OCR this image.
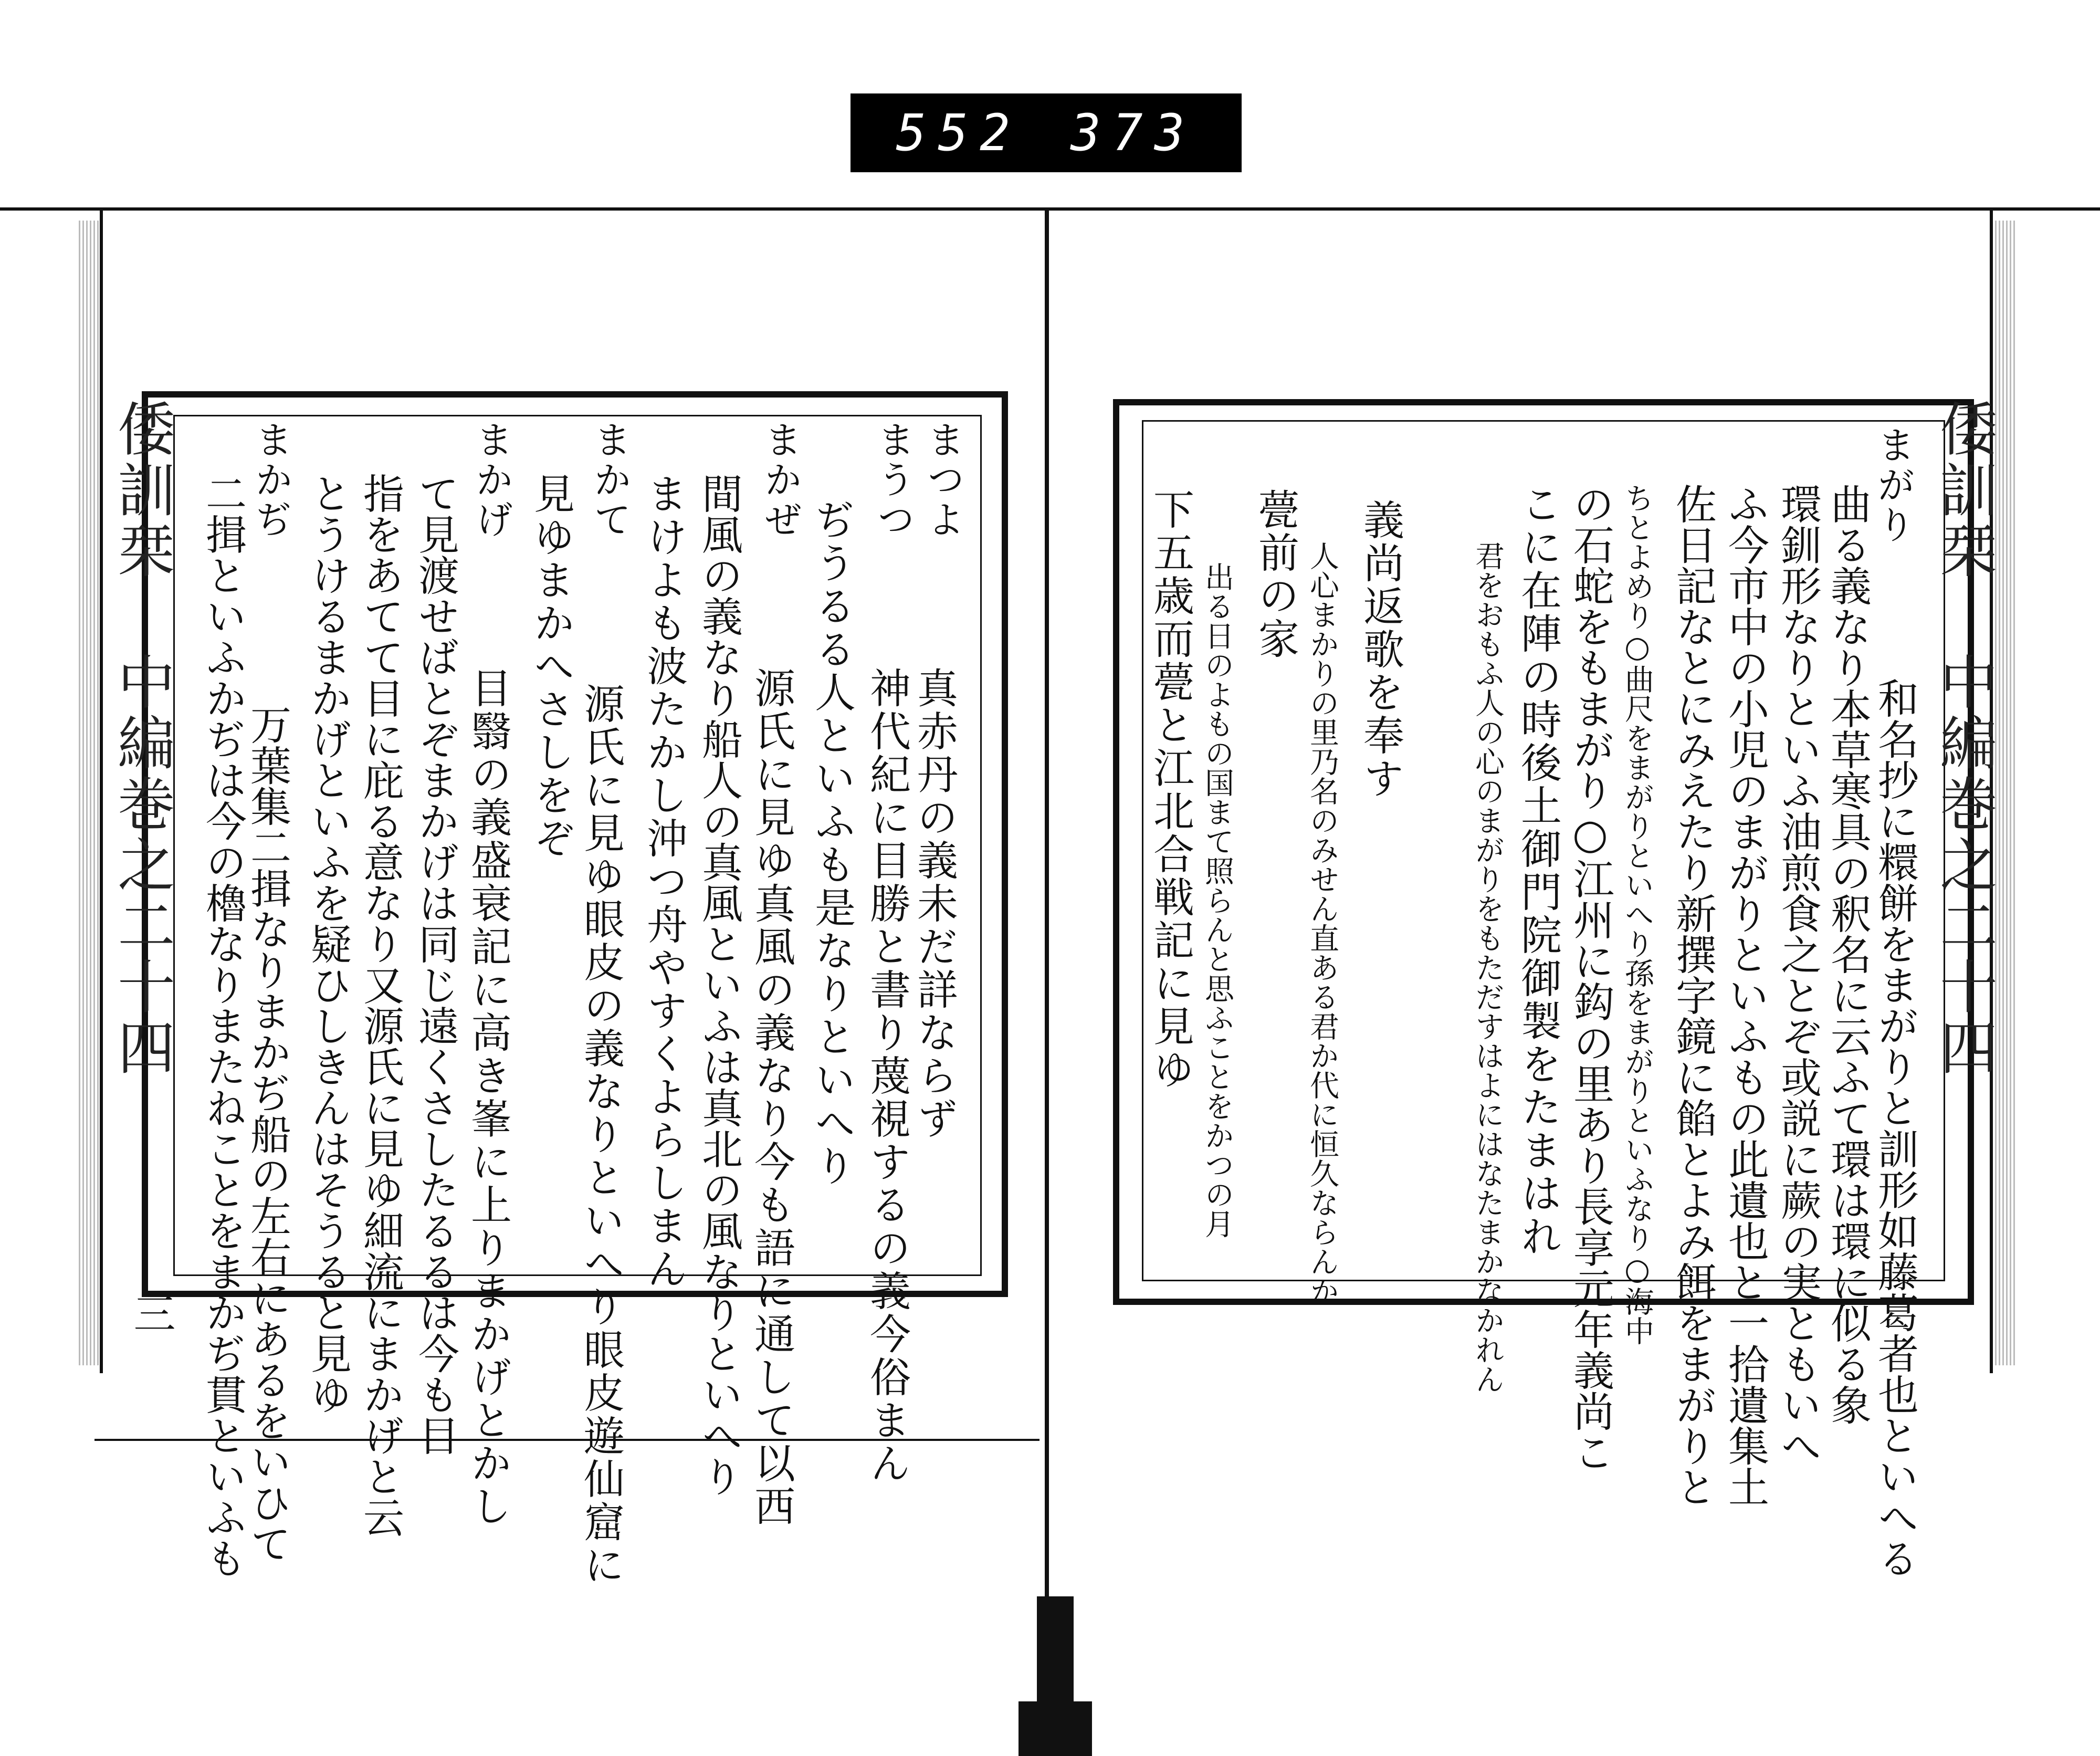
552 373
倭訓栞 中編巻之二十四
三
まつよ
真赤丹の義未だ詳ならず
まうつ
神代紀に目勝と書り蔑視するの義今俗まん
ぢうるる人といふも是なりといへり
まかぜ
源氏に見ゆ真風の義なり今も語に通して以西
間風の義なり船人の真風といふは真北の風なりといへり
まけよも波たかし沖つ舟やすくよらしまん
まかて
源氏に見ゆ眼皮の義なりといへり眼皮遊仙窟に
見ゆまかへさしをぞ
まかげ
目翳の義盛衰記に高き峯に上りまかげとかし
て見渡せばとぞまかげは同じ遠くさしたるるは今も目
指をあてて目に庇る意なり又源氏に見ゆ細流にまかげと云
とうけるまかげといふを疑ひしきんはそうると見ゆ
まかぢ
万葉集二揖なりまかぢ船の左右にあるをいひて
二揖といふかぢは今の櫓なりまたねことをまかぢ貫といふも	倭訓栞 中編巻之二十四
まがり
和名抄に糫餅をまがりと訓形如藤葛者也といへる
曲る義なり本草寒具の釈名に云ふて環は環に似る象
環釧形なりといふ油煎食之とぞ或説に蕨の実ともいへ
ふ今市中の小児のまがりといふもの此遺也と一拾遺集土
佐日記なとにみえたり新撰字鏡に餡とよみ餌をまがりと
ちとよめり○曲尺をまがりといへり孫をまがりといふなり○海中
の石蛇をもまがり○江州に鈎の里あり長享元年義尚こ
こに在陣の時後土御門院御製をたまはれ
君をおもふ人の心のまがりをもただすはよにはなたまかなかれん
義尚返歌を奉す
人心まかりの里乃名のみせん直ある君か代に恒久ならんか
甍前の家
出る日のよもの国まて照らんと思ふことをかつの月
下五歳而甍と江北合戦記に見ゆ
